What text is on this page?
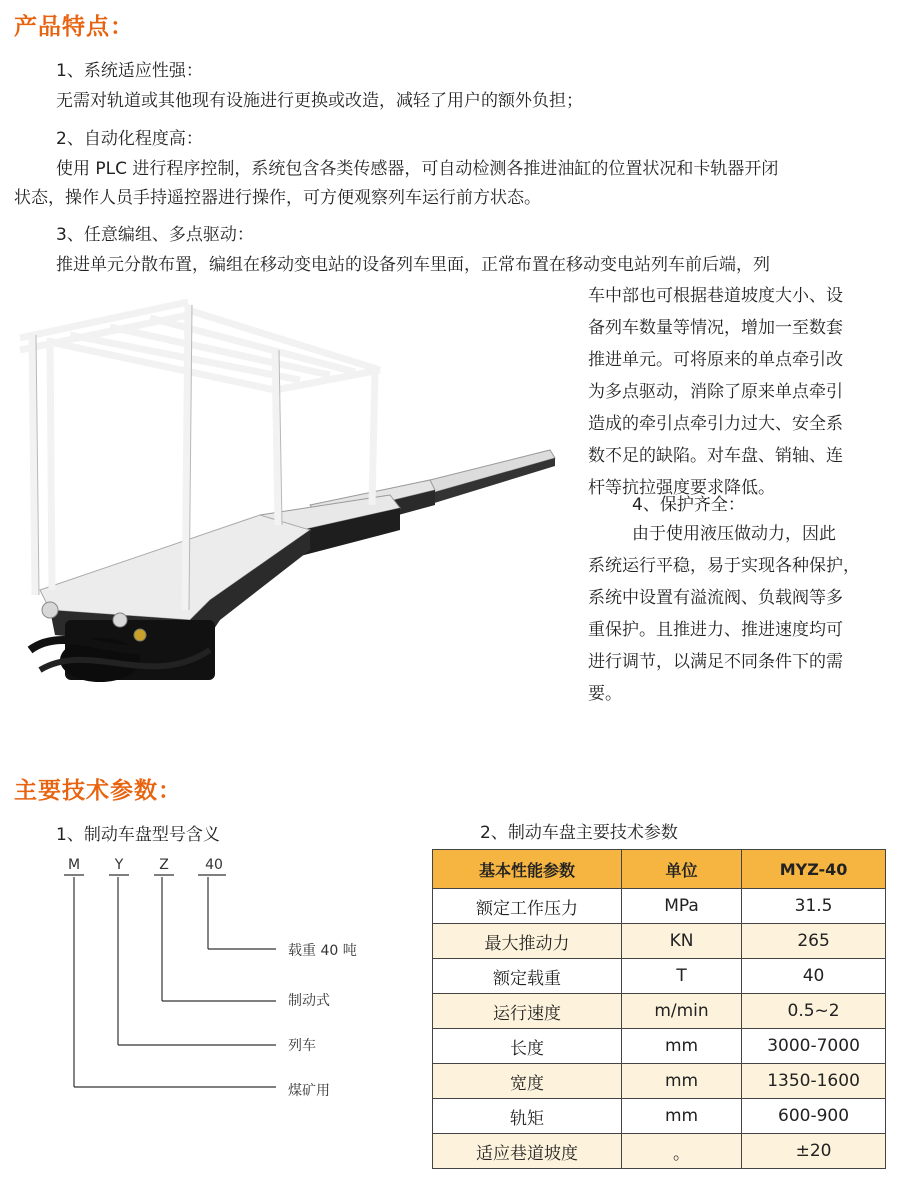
产品特点：
1、系统适应性强：
无需对轨道或其他现有设施进行更换或改造，减轻了用户的额外负担；
2、自动化程度高：
使用 PLC 进行程序控制，系统包含各类传感器，可自动检测各推进油缸的位置状况和卡轨器开闭
状态，操作人员手持遥控器进行操作，可方便观察列车运行前方状态。
3、任意编组、多点驱动：
推进单元分散布置，编组在移动变电站的设备列车里面，正常布置在移动变电站列车前后端，列
车中部也可根据巷道坡度大小、设
备列车数量等情况，增加一至数套
推进单元。可将原来的单点牵引改
为多点驱动，消除了原来单点牵引
造成的牵引点牵引力过大、安全系
数不足的缺陷。对车盘、销轴、连
杆等抗拉强度要求降低。
4、保护齐全：
由于使用液压做动力，因此
系统运行平稳，易于实现各种保护，
系统中设置有溢流阀、负载阀等多
重保护。且推进力、推进速度均可
进行调节，以满足不同条件下的需
要。
主要技术参数：
1、制动车盘型号含义	2、制动车盘主要技术参数
M	Y	Z	40
载重 40 吨
制动式
列车
煤矿用
基本性能参数	单位	MYZ-40
额定工作压力	MPa	31.5
最大推动力	KN	265
额定载重	T	40
运行速度	m/min	0.5~2
长度	mm	3000-7000
宽度	mm	1350-1600
轨矩	mm	600-900
适应巷道坡度	。	±20
